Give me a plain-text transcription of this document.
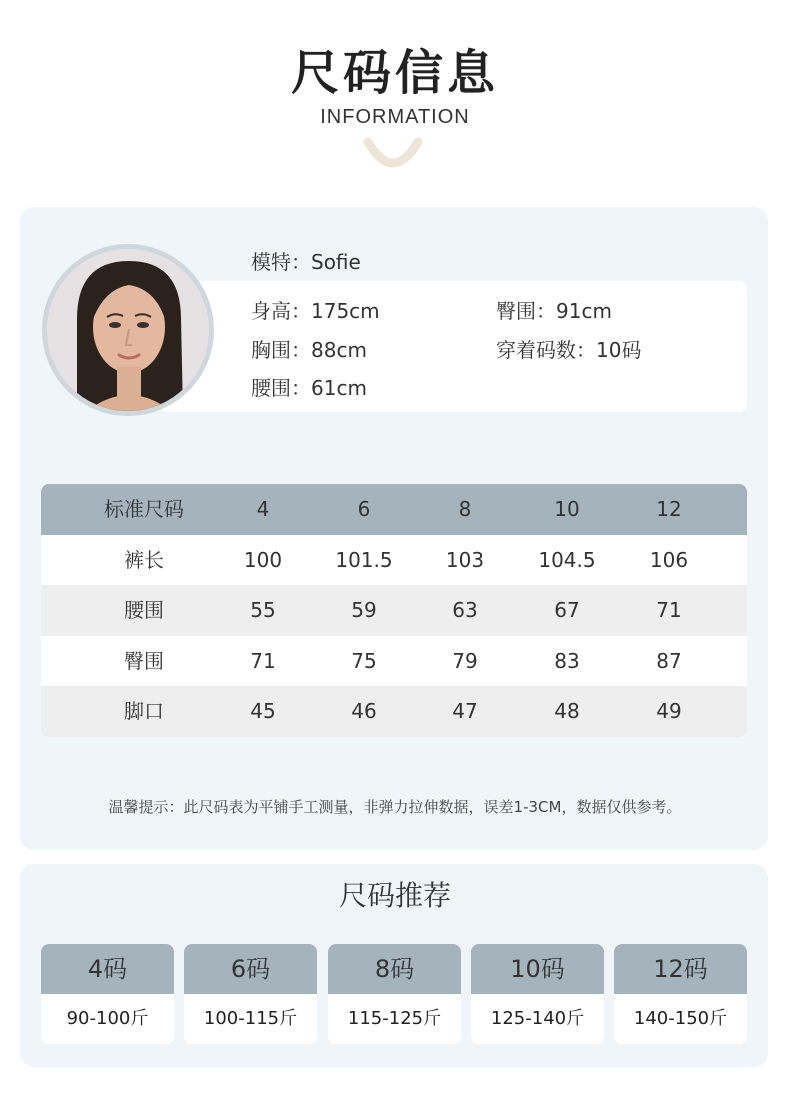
尺码信息
INFORMATION
模特：Sofie
身高：175cm
胸围：88cm
腰围：61cm
臀围：91cm
穿着码数：10码
标准尺码	4	6	8	10	12
裤长	100	101.5	103	104.5	106
腰围	55	59	63	67	71
臀围	71	75	79	83	87
脚口	45	46	47	48	49
温馨提示：此尺码表为平铺手工测量，非弹力拉伸数据，误差1-3CM，数据仅供参考。
尺码推荐
4码
90-100斤
6码
100-115斤
8码
115-125斤
10码
125-140斤
12码
140-150斤
